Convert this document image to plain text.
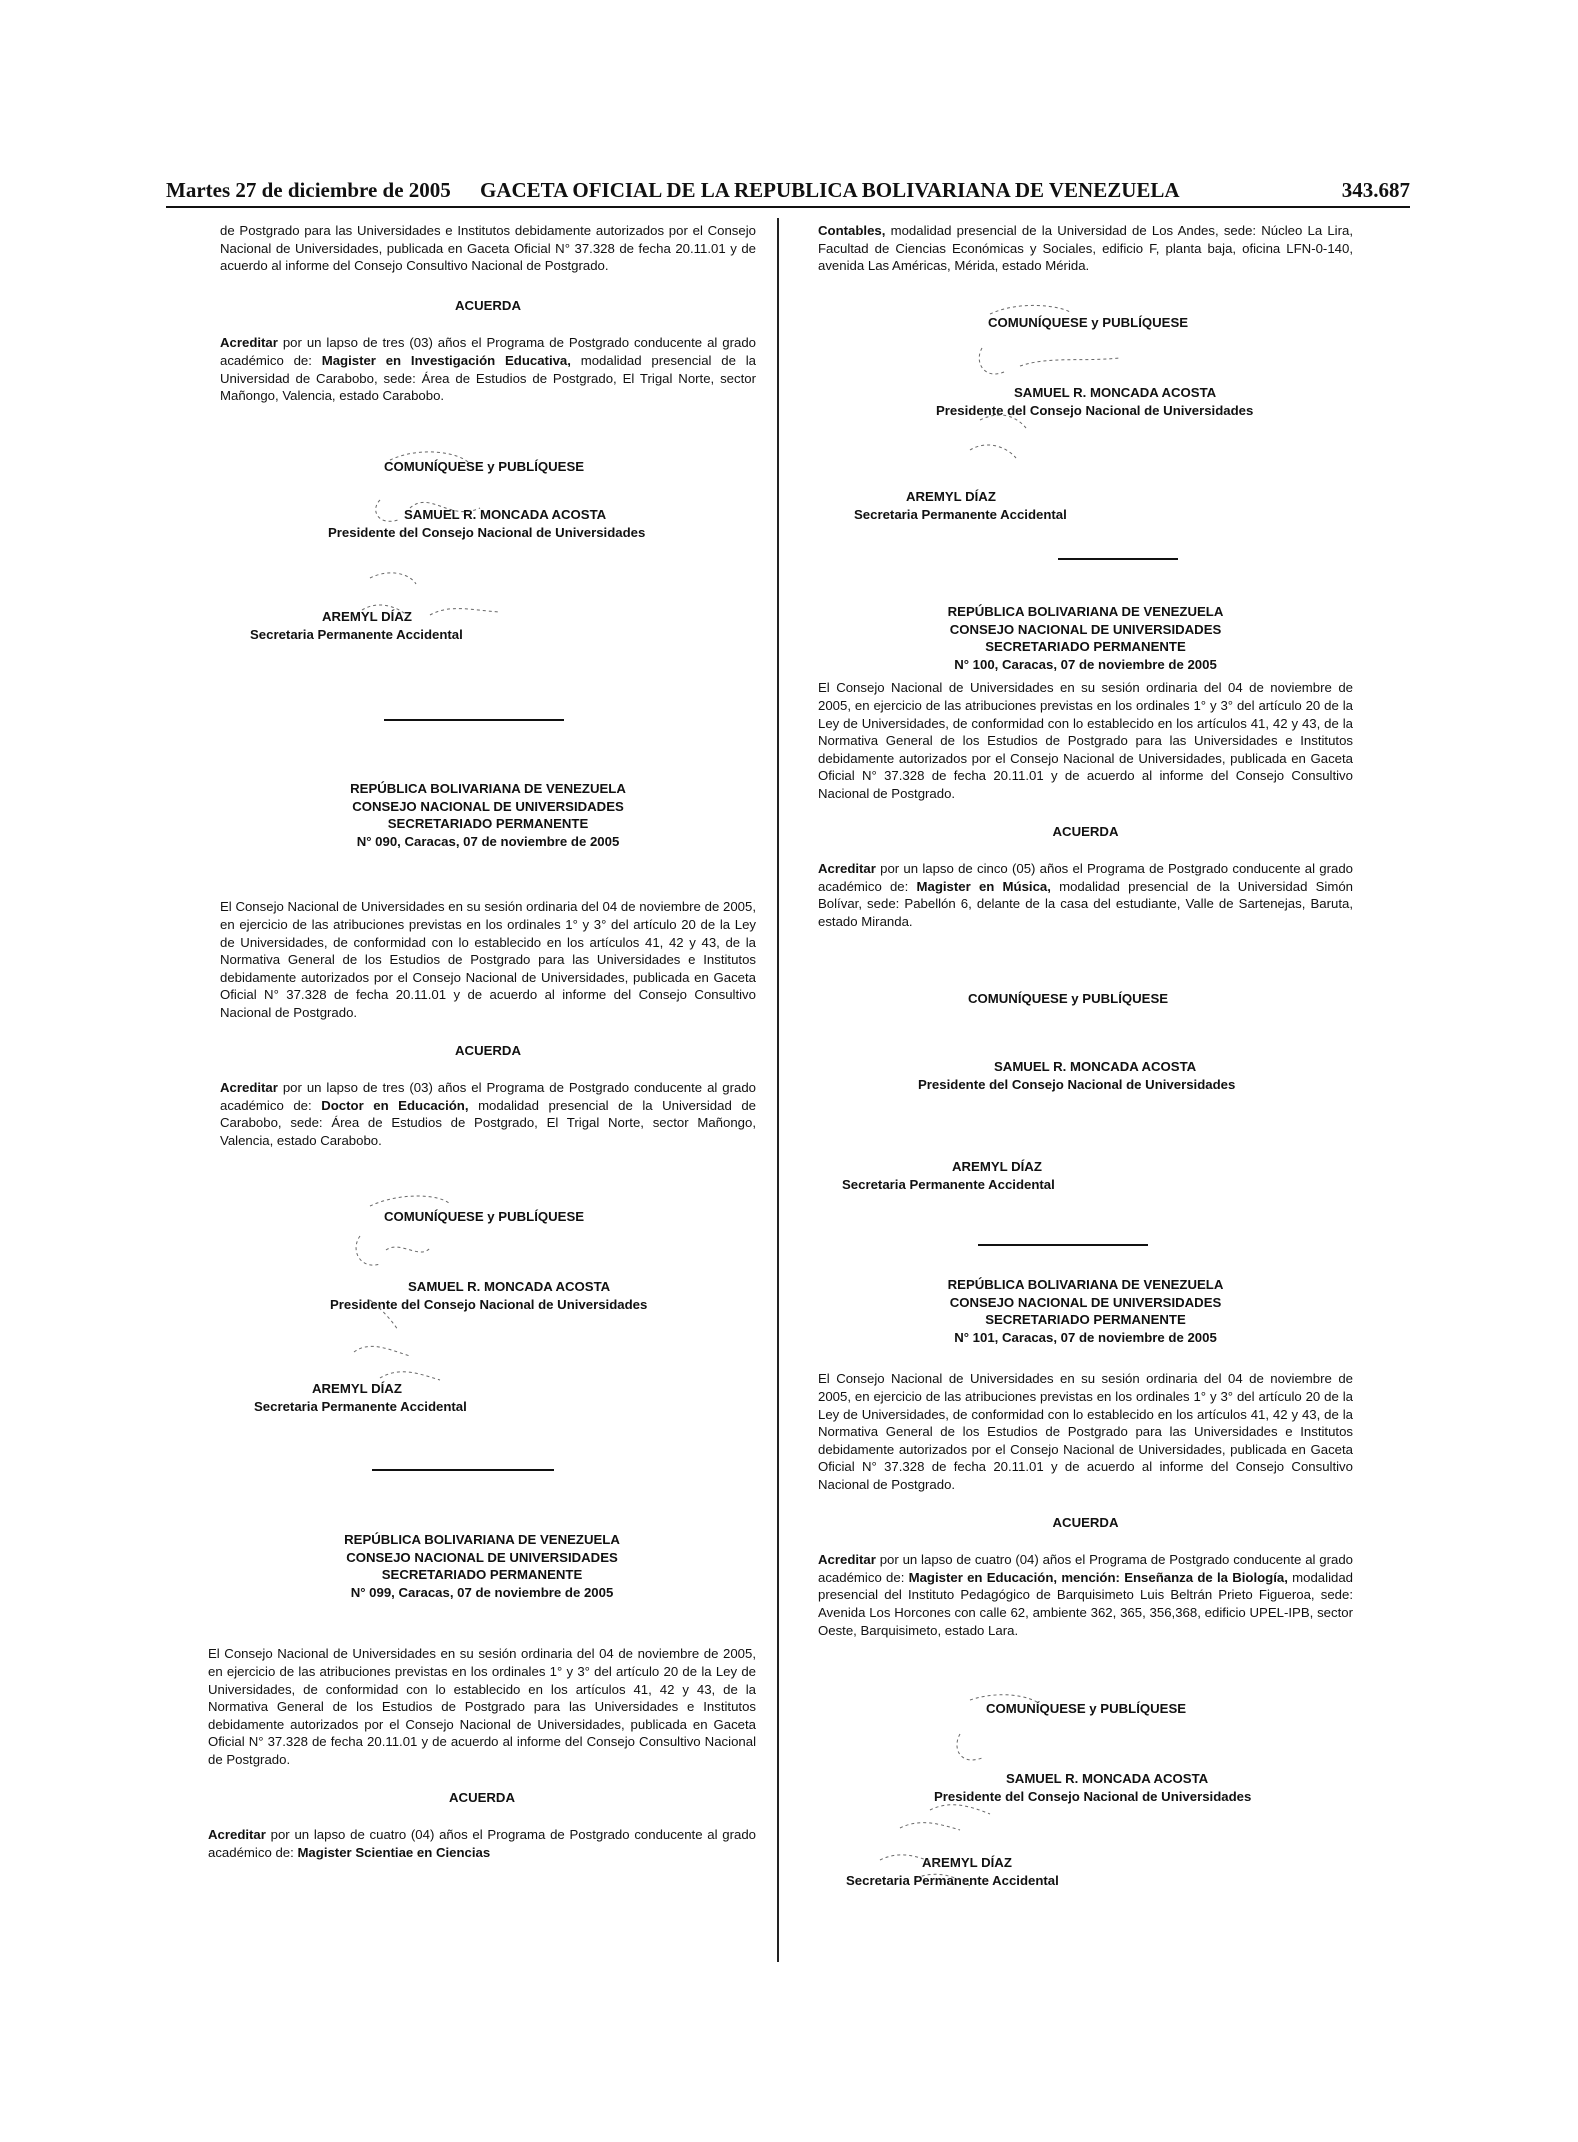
Martes 27 de diciembre de 2005 GACETA OFICIAL DE LA REPUBLICA BOLIVARIANA DE VENEZUELA	343.687

de Postgrado para las Universidades e Institutos debidamente autorizados por el Consejo Nacional de Universidades, publicada en Gaceta Oficial N° 37.328 de fecha 20.11.01 y de acuerdo al informe del Consejo Consultivo Nacional de Postgrado.

ACUERDA

Acreditar por un lapso de tres (03) años el Programa de Postgrado conducente al grado académico de: Magister en Investigación Educativa, modalidad presencial de la Universidad de Carabobo, sede: Área de Estudios de Postgrado, El Trigal Norte, sector Mañongo, Valencia, estado Carabobo.

COMUNÍQUESE y PUBLÍQUESE
SAMUEL R. MONCADA ACOSTA
Presidente del Consejo Nacional de Universidades
AREMYL DÍAZ
Secretaria Permanente Accidental

REPÚBLICA BOLIVARIANA DE VENEZUELA

CONSEJO NACIONAL DE UNIVERSIDADES

SECRETARIADO PERMANENTE

N° 090, Caracas, 07 de noviembre de 2005

El Consejo Nacional de Universidades en su sesión ordinaria del 04 de noviembre de 2005, en ejercicio de las atribuciones previstas en los ordinales 1° y 3° del artículo 20 de la Ley de Universidades, de conformidad con lo establecido en los artículos 41, 42 y 43, de la Normativa General de los Estudios de Postgrado para las Universidades e Institutos debidamente autorizados por el Consejo Nacional de Universidades, publicada en Gaceta Oficial N° 37.328 de fecha 20.11.01 y de acuerdo al informe del Consejo Consultivo Nacional de Postgrado.

ACUERDA

Acreditar por un lapso de tres (03) años el Programa de Postgrado conducente al grado académico de: Doctor en Educación, modalidad presencial de la Universidad de Carabobo, sede: Área de Estudios de Postgrado, El Trigal Norte, sector Mañongo, Valencia, estado Carabobo.

COMUNÍQUESE y PUBLÍQUESE
SAMUEL R. MONCADA ACOSTA
Presidente del Consejo Nacional de Universidades
AREMYL DÍAZ
Secretaria Permanente Accidental

REPÚBLICA BOLIVARIANA DE VENEZUELA

CONSEJO NACIONAL DE UNIVERSIDADES

SECRETARIADO PERMANENTE

N° 099, Caracas, 07 de noviembre de 2005

El Consejo Nacional de Universidades en su sesión ordinaria del 04 de noviembre de 2005, en ejercicio de las atribuciones previstas en los ordinales 1° y 3° del artículo 20 de la Ley de Universidades, de conformidad con lo establecido en los artículos 41, 42 y 43, de la Normativa General de los Estudios de Postgrado para las Universidades e Institutos debidamente autorizados por el Consejo Nacional de Universidades, publicada en Gaceta Oficial N° 37.328 de fecha 20.11.01 y de acuerdo al informe del Consejo Consultivo Nacional de Postgrado.

ACUERDA

Acreditar por un lapso de cuatro (04) años el Programa de Postgrado conducente al grado académico de: Magister Scientiae en Ciencias

Contables, modalidad presencial de la Universidad de Los Andes, sede: Núcleo La Lira, Facultad de Ciencias Económicas y Sociales, edificio F, planta baja, oficina LFN-0-140, avenida Las Américas, Mérida, estado Mérida.

COMUNÍQUESE y PUBLÍQUESE
SAMUEL R. MONCADA ACOSTA
Presidente del Consejo Nacional de Universidades
AREMYL DÍAZ
Secretaria Permanente Accidental

REPÚBLICA BOLIVARIANA DE VENEZUELA

CONSEJO NACIONAL DE UNIVERSIDADES

SECRETARIADO PERMANENTE

N° 100, Caracas, 07 de noviembre de 2005

El Consejo Nacional de Universidades en su sesión ordinaria del 04 de noviembre de 2005, en ejercicio de las atribuciones previstas en los ordinales 1° y 3° del artículo 20 de la Ley de Universidades, de conformidad con lo establecido en los artículos 41, 42 y 43, de la Normativa General de los Estudios de Postgrado para las Universidades e Institutos debidamente autorizados por el Consejo Nacional de Universidades, publicada en Gaceta Oficial N° 37.328 de fecha 20.11.01 y de acuerdo al informe del Consejo Consultivo Nacional de Postgrado.

ACUERDA

Acreditar por un lapso de cinco (05) años el Programa de Postgrado conducente al grado académico de: Magister en Música, modalidad presencial de la Universidad Simón Bolívar, sede: Pabellón 6, delante de la casa del estudiante, Valle de Sartenejas, Baruta, estado Miranda.

COMUNÍQUESE y PUBLÍQUESE
SAMUEL R. MONCADA ACOSTA
Presidente del Consejo Nacional de Universidades
AREMYL DÍAZ
Secretaria Permanente Accidental

REPÚBLICA BOLIVARIANA DE VENEZUELA

CONSEJO NACIONAL DE UNIVERSIDADES

SECRETARIADO PERMANENTE

N° 101, Caracas, 07 de noviembre de 2005

El Consejo Nacional de Universidades en su sesión ordinaria del 04 de noviembre de 2005, en ejercicio de las atribuciones previstas en los ordinales 1° y 3° del artículo 20 de la Ley de Universidades, de conformidad con lo establecido en los artículos 41, 42 y 43, de la Normativa General de los Estudios de Postgrado para las Universidades e Institutos debidamente autorizados por el Consejo Nacional de Universidades, publicada en Gaceta Oficial N° 37.328 de fecha 20.11.01 y de acuerdo al informe del Consejo Consultivo Nacional de Postgrado.

ACUERDA

Acreditar por un lapso de cuatro (04) años el Programa de Postgrado conducente al grado académico de: Magister en Educación, mención: Enseñanza de la Biología, modalidad presencial del Instituto Pedagógico de Barquisimeto Luis Beltrán Prieto Figueroa, sede: Avenida Los Horcones con calle 62, ambiente 362, 365, 356,368, edificio UPEL-IPB, sector Oeste, Barquisimeto, estado Lara.

COMUNÍQUESE y PUBLÍQUESE
SAMUEL R. MONCADA ACOSTA
Presidente del Consejo Nacional de Universidades
AREMYL DÍAZ
Secretaria Permanente Accidental
